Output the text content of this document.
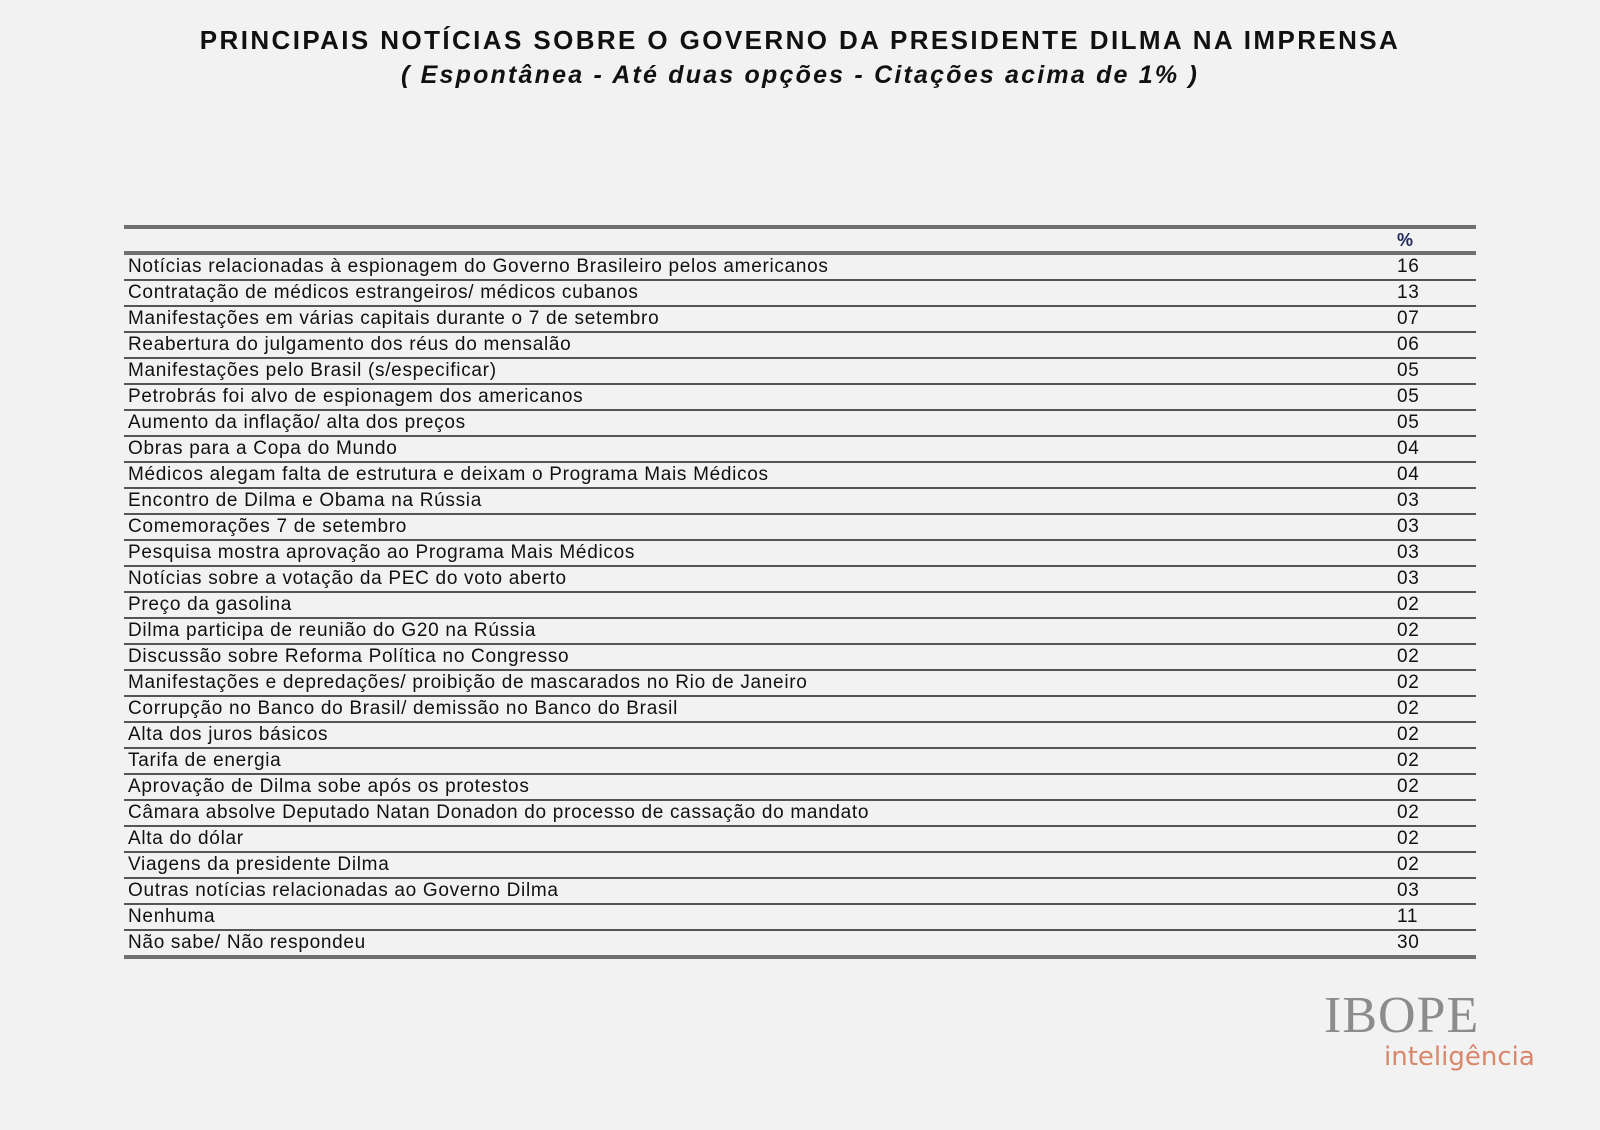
PRINCIPAIS NOTÍCIAS SOBRE O GOVERNO DA PRESIDENTE DILMA NA IMPRENSA

( Espontânea - Até duas opções - Citações acima de 1% )

%
Notícias relacionadas à espionagem do Governo Brasileiro pelos americanos	16
Contratação de médicos estrangeiros/ médicos cubanos	13
Manifestações em várias capitais durante o 7 de setembro	07
Reabertura do julgamento dos réus do mensalão	06
Manifestações pelo Brasil (s/especificar)	05
Petrobrás foi alvo de espionagem dos americanos	05
Aumento da inflação/ alta dos preços	05
Obras para a Copa do Mundo	04
Médicos alegam falta de estrutura e deixam o Programa Mais Médicos	04
Encontro de Dilma e Obama na Rússia	03
Comemorações 7 de setembro	03
Pesquisa mostra aprovação ao Programa Mais Médicos	03
Notícias sobre a votação da PEC do voto aberto	03
Preço da gasolina	02
Dilma participa de reunião do G20 na Rússia	02
Discussão sobre Reforma Política no Congresso	02
Manifestações e depredações/ proibição de mascarados no Rio de Janeiro	02
Corrupção no Banco do Brasil/ demissão no Banco do Brasil	02
Alta dos juros básicos	02
Tarifa de energia	02
Aprovação de Dilma sobe após os protestos	02
Câmara absolve Deputado Natan Donadon do processo de cassação do mandato	02
Alta do dólar	02
Viagens da presidente Dilma	02
Outras notícias relacionadas ao Governo Dilma	03
Nenhuma	11
Não sabe/ Não respondeu	30
IBOPE
inteligência
